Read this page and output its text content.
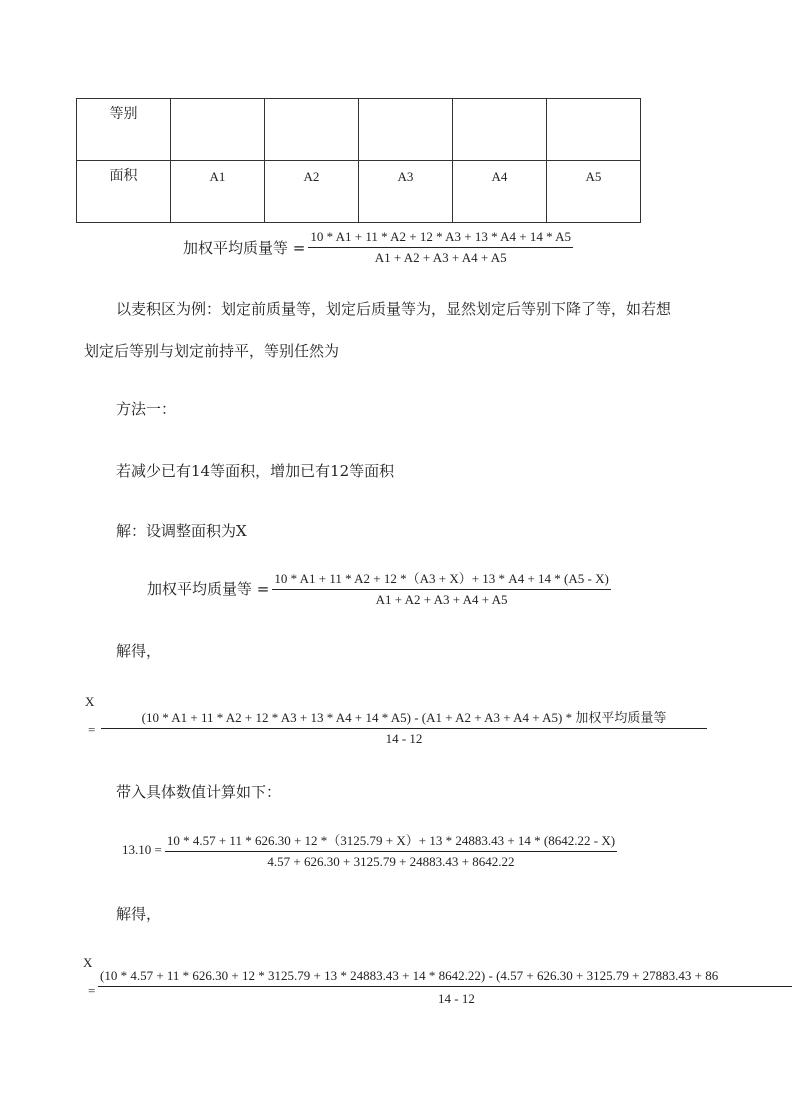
等别					

面积	A1	A2	A3	A4	A5
加权平均质量等 = $\frac{10 * A1 + 11 * A2 + 12 * A3 + 13 * A4 + 14 * A5}{A1 + A2 + A3 + A4 + A5}$
以麦积区为例：划定前质量等，划定后质量等为，显然划定后等别下降了等，如若想
划定后等别与划定前持平，等别任然为
方法一：
若减少已有14等面积，增加已有12等面积
解：设调整面积为X
加权平均质量等 = $\frac{10 * A1 + 11 * A2 + 12 *(A3 + X)+ 13 * A4 + 14 * (A5 - X)}{A1 + A2 + A3 + A4 + A5}$
解得，
X
=
(10 * A1 + 11 * A2 + 12 * A3 + 13 * A4 + 14 * A5) - (A1 + A2 + A3 + A4 + A5) * 加权平均质量等
14 - 12
带入具体数值计算如下：
13.10 =
10 * 4.57 + 11 * 626.30 + 12 *（3125.79 + X）+ 13 * 24883.43 + 14 * (8642.22 - X)
4.57 + 626.30 + 3125.79 + 24883.43 + 8642.22
解得，
X
=
(10 * 4.57 + 11 * 626.30 + 12 * 3125.79 + 13 * 24883.43 + 14 * 8642.22) - (4.57 + 626.30 + 3125.79 + 27883.43 + 86
14 - 12
